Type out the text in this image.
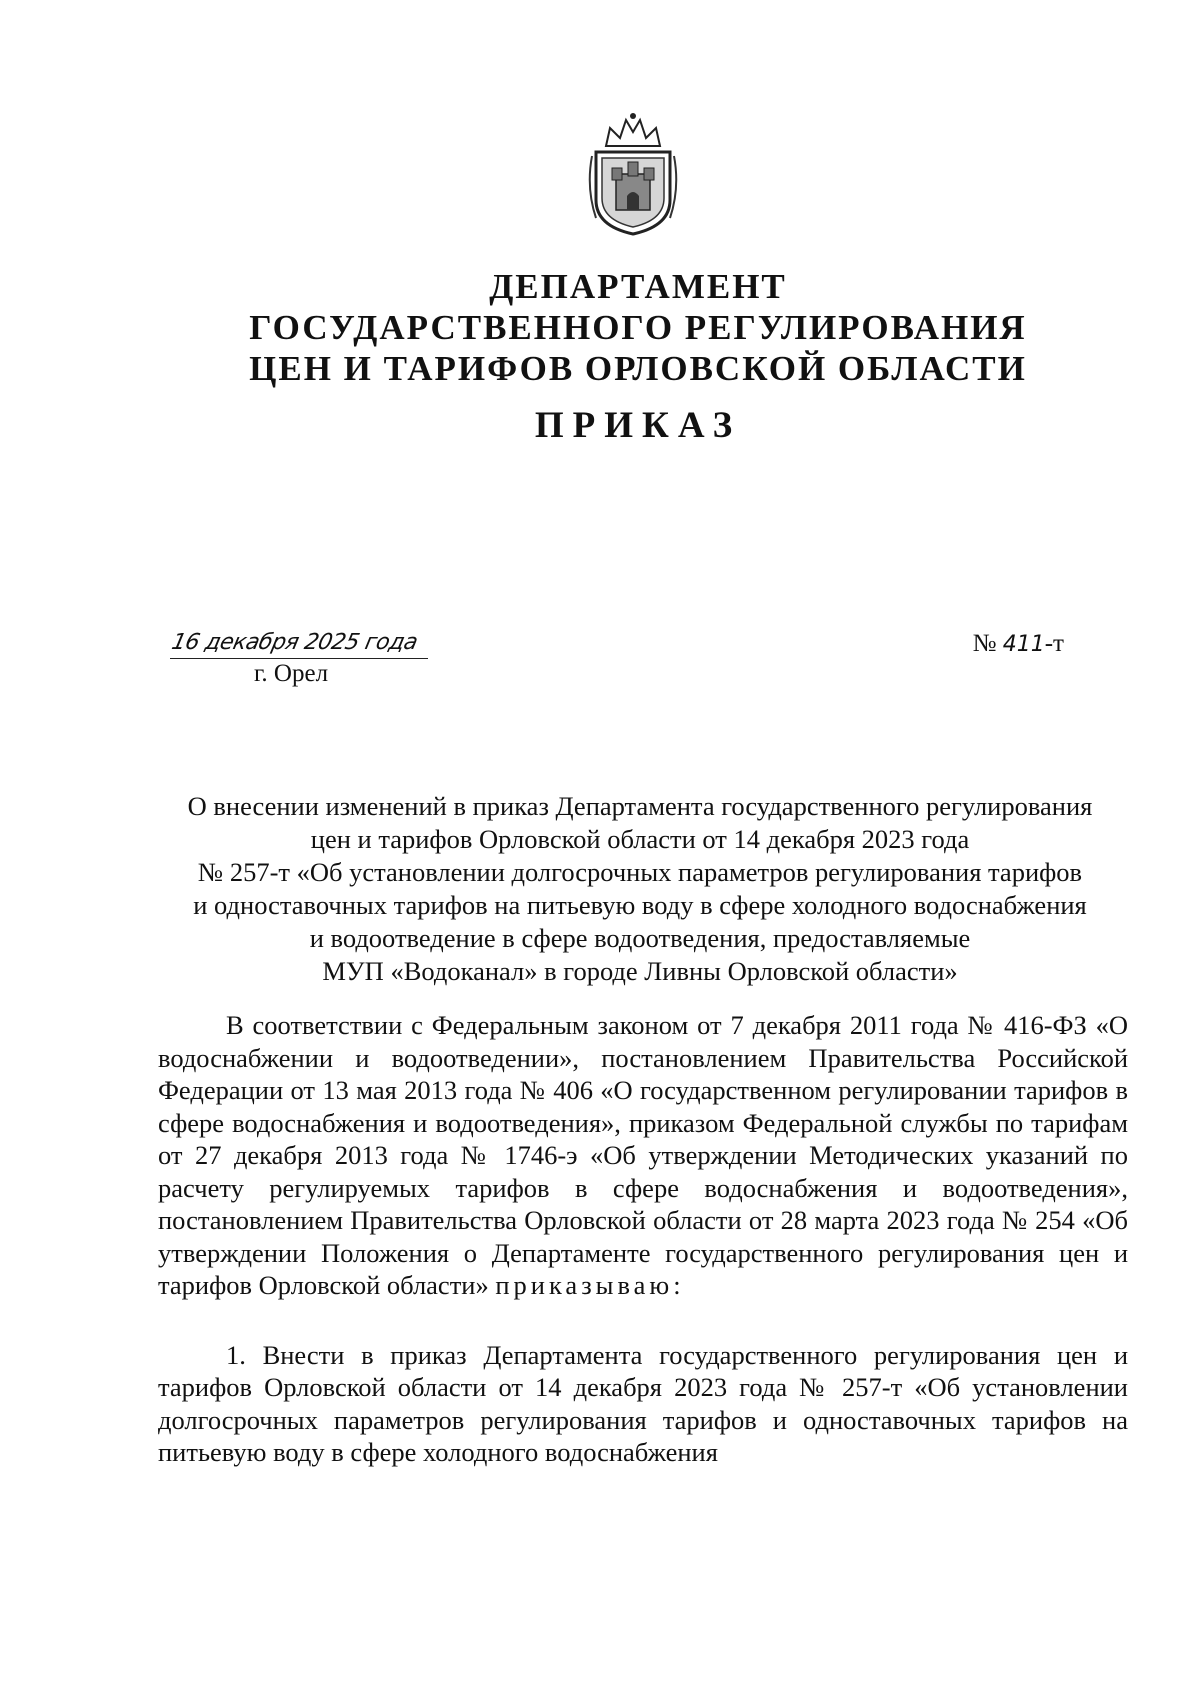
ДЕПАРТАМЕНТ
ГОСУДАРСТВЕННОГО РЕГУЛИРОВАНИЯ
ЦЕН И ТАРИФОВ ОРЛОВСКОЙ ОБЛАСТИ
ПРИКАЗ
16 декабря 2025 года
г. Орел
№ 411-т
О внесении изменений в приказ Департамента государственного регулирования
цен и тарифов Орловской области от 14 декабря 2023 года
№ 257-т «Об установлении долгосрочных параметров регулирования тарифов
и одноставочных тарифов на питьевую воду в сфере холодного водоснабжения
и водоотведение в сфере водоотведения, предоставляемые
МУП «Водоканал» в городе Ливны Орловской области»

В соответствии с Федеральным законом от 7 декабря 2011 года № 416-ФЗ «О водоснабжении и водоотведении», постановлением Правительства Российской Федерации от 13 мая 2013 года № 406 «О государственном регулировании тарифов в сфере водоснабжения и водоотведения», приказом Федеральной службы по тарифам от 27 декабря 2013 года № 1746-э «Об утверждении Методических указаний по расчету регулируемых тарифов в сфере водоснабжения и водоотведения», постановлением Правительства Орловской области от 28 марта 2023 года № 254 «Об утверждении Положения о Департаменте государственного регулирования цен и тарифов Орловской области» приказываю:

1. Внести в приказ Департамента государственного регулирования цен и тарифов Орловской области от 14 декабря 2023 года № 257-т «Об установлении долгосрочных параметров регулирования тарифов и одноставочных тарифов на питьевую воду в сфере холодного водоснабжения
